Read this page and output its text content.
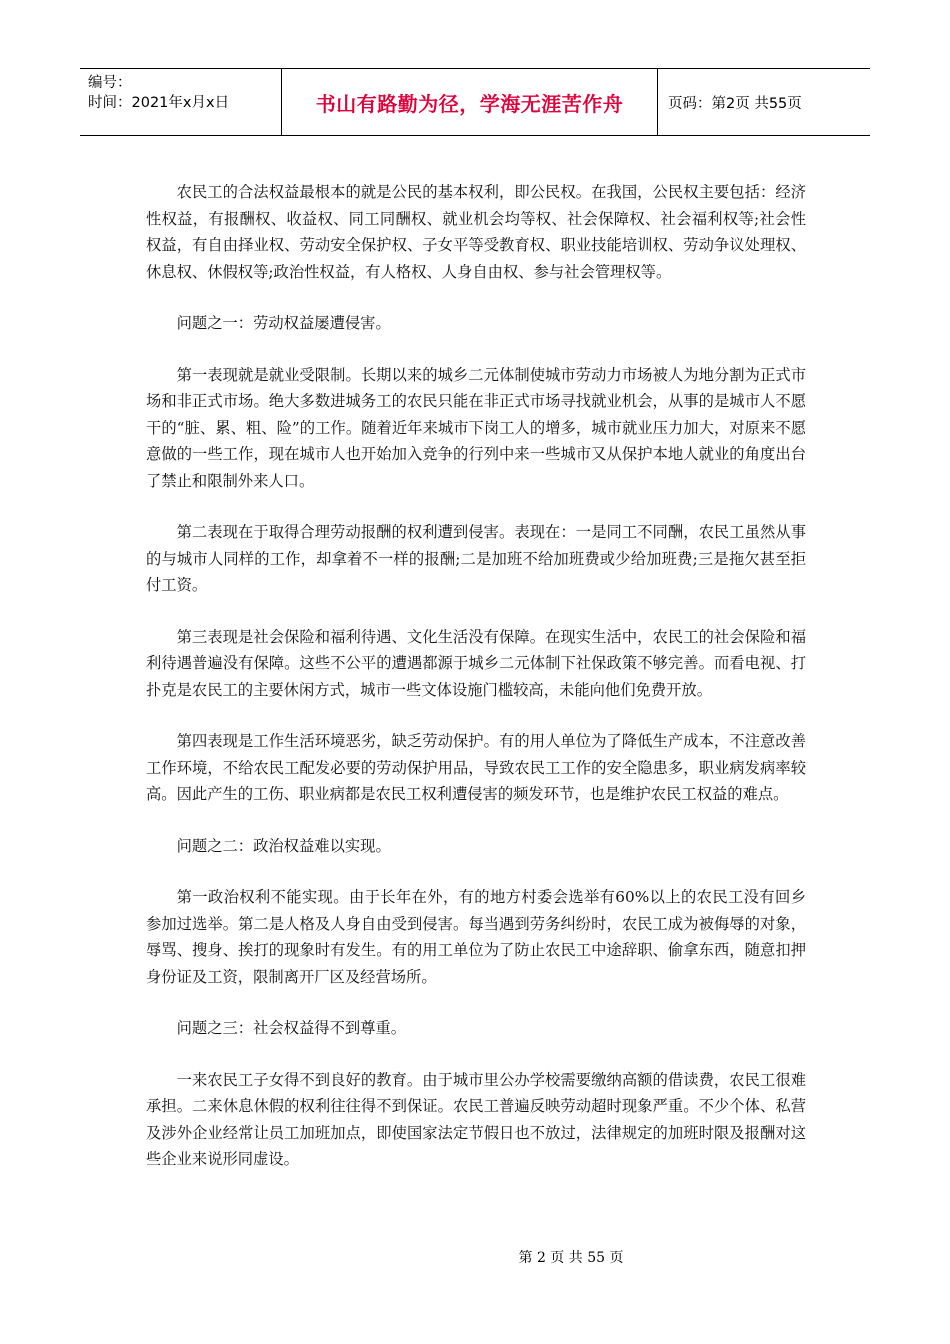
编号：
时间：2021年x月x日	书山有路勤为径，学海无涯苦作舟	页码：第2页 共55页

农民工的合法权益最根本的就是公民的基本权利，即公民权。在我国，公民权主要包括：经济性权益，有报酬权、收益权、同工同酬权、就业机会均等权、社会保障权、社会福利权等;社会性权益，有自由择业权、劳动安全保护权、子女平等受教育权、职业技能培训权、劳动争议处理权、休息权、休假权等;政治性权益，有人格权、人身自由权、参与社会管理权等。

问题之一：劳动权益屡遭侵害。

第一表现就是就业受限制。长期以来的城乡二元体制使城市劳动力市场被人为地分割为正式市场和非正式市场。绝大多数进城务工的农民只能在非正式市场寻找就业机会，从事的是城市人不愿干的“脏、累、粗、险”的工作。随着近年来城市下岗工人的增多，城市就业压力加大，对原来不愿意做的一些工作，现在城市人也开始加入竞争的行列中来一些城市又从保护本地人就业的角度出台了禁止和限制外来人口。

第二表现在于取得合理劳动报酬的权利遭到侵害。表现在：一是同工不同酬，农民工虽然从事的与城市人同样的工作，却拿着不一样的报酬;二是加班不给加班费或少给加班费;三是拖欠甚至拒付工资。

第三表现是社会保险和福利待遇、文化生活没有保障。在现实生活中，农民工的社会保险和福利待遇普遍没有保障。这些不公平的遭遇都源于城乡二元体制下社保政策不够完善。而看电视、打扑克是农民工的主要休闲方式，城市一些文体设施门槛较高，未能向他们免费开放。

第四表现是工作生活环境恶劣，缺乏劳动保护。有的用人单位为了降低生产成本，不注意改善工作环境，不给农民工配发必要的劳动保护用品，导致农民工工作的安全隐患多，职业病发病率较高。因此产生的工伤、职业病都是农民工权利遭侵害的频发环节，也是维护农民工权益的难点。

问题之二：政治权益难以实现。

第一政治权利不能实现。由于长年在外，有的地方村委会选举有60%以上的农民工没有回乡参加过选举。第二是人格及人身自由受到侵害。每当遇到劳务纠纷时，农民工成为被侮辱的对象，辱骂、搜身、挨打的现象时有发生。有的用工单位为了防止农民工中途辞职、偷拿东西，随意扣押身份证及工资，限制离开厂区及经营场所。

问题之三：社会权益得不到尊重。

一来农民工子女得不到良好的教育。由于城市里公办学校需要缴纳高额的借读费，农民工很难承担。二来休息休假的权利往往得不到保证。农民工普遍反映劳动超时现象严重。不少个体、私营及涉外企业经常让员工加班加点，即使国家法定节假日也不放过，法律规定的加班时限及报酬对这些企业来说形同虚设。

第 2 页 共 55 页
